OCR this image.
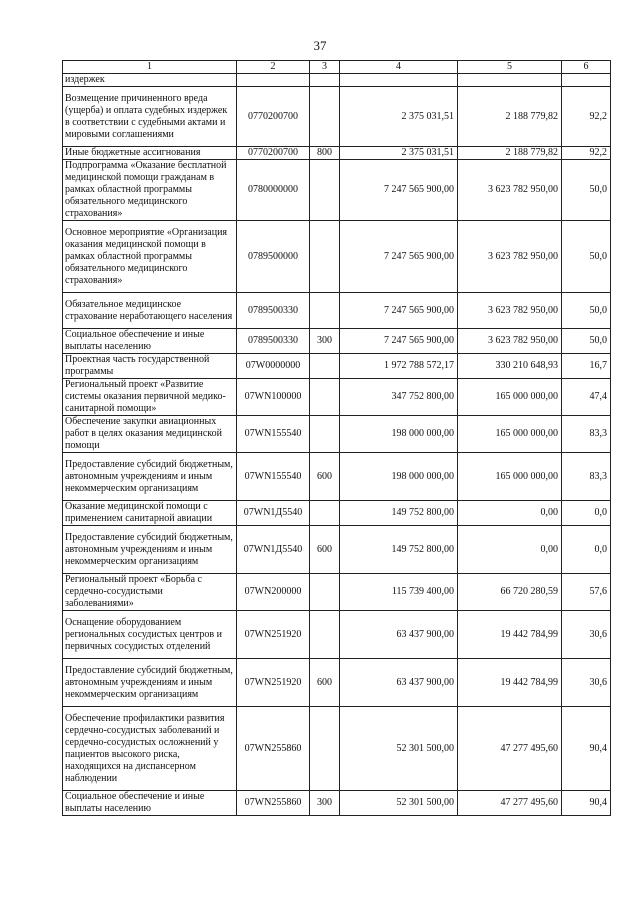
37
1	2	3	4	5	6
издержек					
Возмещение причиненного вреда (ущерба) и оплата судебных издержек в соответствии с судебными актами и мировыми соглашениями	0770200700		2 375 031,51	2 188 779,82	92,2
Иные бюджетные ассигнования	0770200700	800	2 375 031,51	2 188 779,82	92,2
Подпрограмма «Оказание бесплатной медицинской помощи гражданам в рамках областной программы обязательного медицинского страхования»	0780000000		7 247 565 900,00	3 623 782 950,00	50,0
Основное мероприятие «Организация оказания медицинской помощи в рамках областной программы обязательного медицинского страхования»	0789500000		7 247 565 900,00	3 623 782 950,00	50,0
Обязательное медицинское страхование неработающего населения	0789500330		7 247 565 900,00	3 623 782 950,00	50,0
Социальное обеспечение и иные выплаты населению	0789500330	300	7 247 565 900,00	3 623 782 950,00	50,0
Проектная часть государственной программы	07W0000000		1 972 788 572,17	330 210 648,93	16,7
Региональный проект «Развитие системы оказания первичной медико-санитарной помощи»	07WN100000		347 752 800,00	165 000 000,00	47,4
Обеспечение закупки авиационных работ в целях оказания медицинской помощи	07WN155540		198 000 000,00	165 000 000,00	83,3
Предоставление субсидий бюджетным, автономным учреждениям и иным некоммерческим организациям	07WN155540	600	198 000 000,00	165 000 000,00	83,3
Оказание медицинской помощи с применением санитарной авиации	07WN1Д5540		149 752 800,00	0,00	0,0
Предоставление субсидий бюджетным, автономным учреждениям и иным некоммерческим организациям	07WN1Д5540	600	149 752 800,00	0,00	0,0
Региональный проект «Борьба с сердечно-сосудистыми заболеваниями»	07WN200000		115 739 400,00	66 720 280,59	57,6
Оснащение оборудованием региональных сосудистых центров и первичных сосудистых отделений	07WN251920		63 437 900,00	19 442 784,99	30,6
Предоставление субсидий бюджетным, автономным учреждениям и иным некоммерческим организациям	07WN251920	600	63 437 900,00	19 442 784,99	30,6
Обеспечение профилактики развития сердечно-сосудистых заболеваний и сердечно-сосудистых осложнений у пациентов высокого риска, находящихся на диспансерном наблюдении	07WN255860		52 301 500,00	47 277 495,60	90,4
Социальное обеспечение и иные выплаты населению	07WN255860	300	52 301 500,00	47 277 495,60	90,4
